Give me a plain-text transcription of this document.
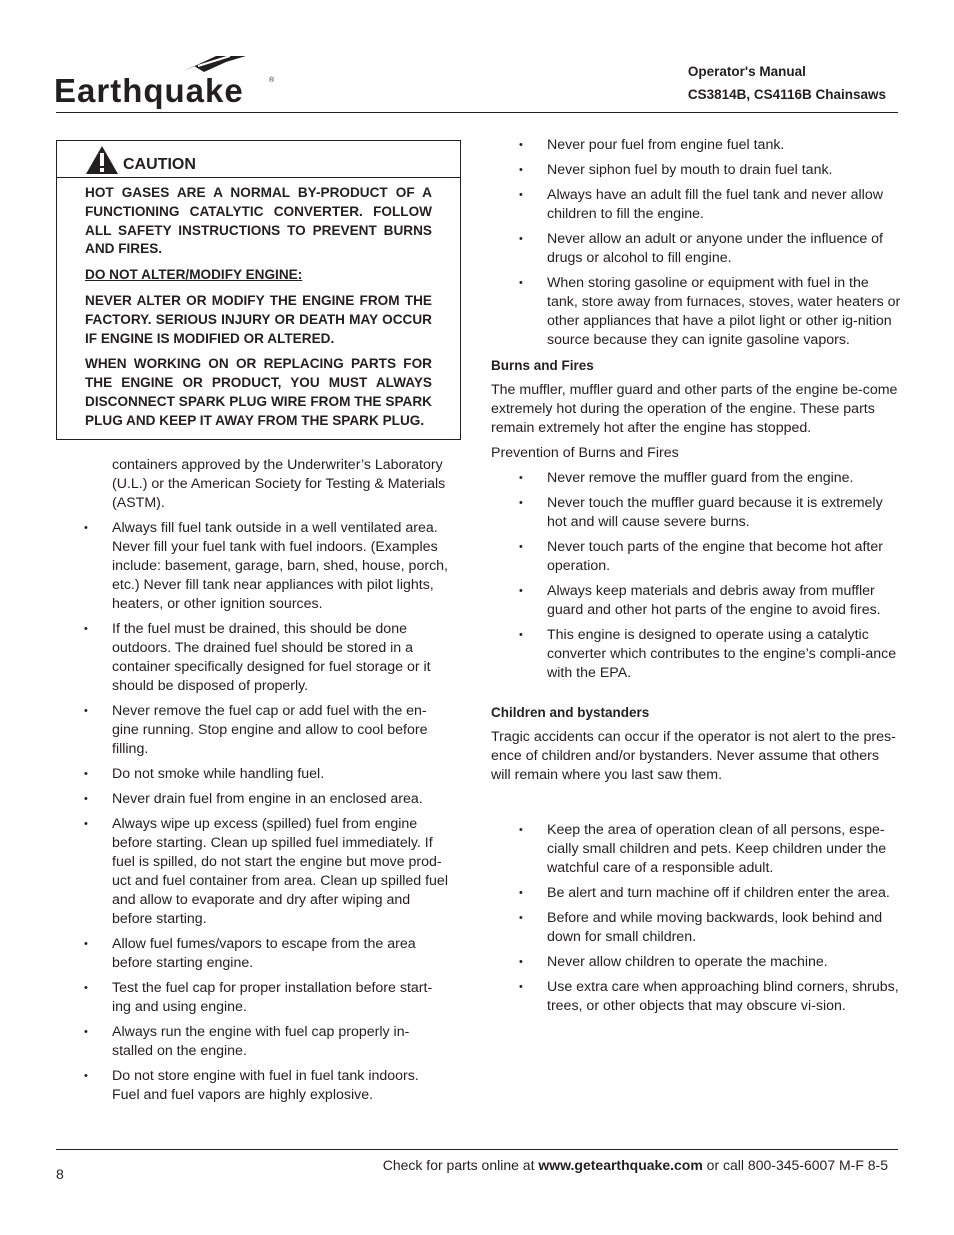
Earthquake	®
Operator's Manual
CS3814B, CS4116B Chainsaws
CAUTION

HOT GASES ARE A NORMAL BY-PRODUCT OF A FUNCTIONING CATALYTIC CONVERTER. FOLLOW ALL SAFETY INSTRUCTIONS TO PREVENT BURNS AND FIRES.

DO NOT ALTER/MODIFY ENGINE:

NEVER ALTER OR MODIFY THE ENGINE FROM THE FACTORY. SERIOUS INJURY OR DEATH MAY OCCUR IF ENGINE IS MODIFIED OR ALTERED.

WHEN WORKING ON OR REPLACING PARTS FOR THE ENGINE OR PRODUCT, YOU MUST ALWAYS DISCONNECT SPARK PLUG WIRE FROM THE SPARK PLUG AND KEEP IT AWAY FROM THE SPARK PLUG.

containers approved by the Underwriter’s Laboratory (U.L.) or the American Society for Testing & Materials (ASTM).
• Always fill fuel tank outside in a well ventilated area. Never fill your fuel tank with fuel indoors. (Examples include: basement, garage, barn, shed, house, porch, etc.) Never fill tank near appliances with pilot lights, heaters, or other ignition sources.
• If the fuel must be drained, this should be done outdoors. The drained fuel should be stored in a container specifically designed for fuel storage or it should be disposed of properly.
• Never remove the fuel cap or add fuel with the en-gine running. Stop engine and allow to cool before filling.
• Do not smoke while handling fuel.
• Never drain fuel from engine in an enclosed area.
• Always wipe up excess (spilled) fuel from engine before starting. Clean up spilled fuel immediately. If fuel is spilled, do not start the engine but move prod-uct and fuel container from area. Clean up spilled fuel and allow to evaporate and dry after wiping and before starting.
• Allow fuel fumes/vapors to escape from the area before starting engine.
• Test the fuel cap for proper installation before start-ing and using engine.
• Always run the engine with fuel cap properly in-stalled on the engine.
• Do not store engine with fuel in fuel tank indoors. Fuel and fuel vapors are highly explosive.
• Never pour fuel from engine fuel tank.
• Never siphon fuel by mouth to drain fuel tank.
• Always have an adult fill the fuel tank and never allow children to fill the engine.
• Never allow an adult or anyone under the influence of drugs or alcohol to fill engine.
• When storing gasoline or equipment with fuel in the tank, store away from furnaces, stoves, water heaters or other appliances that have a pilot light or other ig-nition source because they can ignite gasoline vapors.
Burns and Fires

The muffler, muffler guard and other parts of the engine be-come extremely hot during the operation of the engine. These parts remain extremely hot after the engine has stopped.

Prevention of Burns and Fires

• Never remove the muffler guard from the engine.
• Never touch the muffler guard because it is extremely hot and will cause severe burns.
• Never touch parts of the engine that become hot after operation.
• Always keep materials and debris away from muffler guard and other hot parts of the engine to avoid fires.
• This engine is designed to operate using a catalytic converter which contributes to the engine’s compli-ance with the EPA.
Children and bystanders

Tragic accidents can occur if the operator is not alert to the pres-ence of children and/or bystanders. Never assume that others will remain where you last saw them.

• Keep the area of operation clean of all persons, espe-cially small children and pets. Keep children under the watchful care of a responsible adult.
• Be alert and turn machine off if children enter the area.
• Before and while moving backwards, look behind and down for small children.
• Never allow children to operate the machine.
• Use extra care when approaching blind corners, shrubs, trees, or other objects that may obscure vi-sion.
8
Check for parts online at www.getearthquake.com or call 800-345-6007 M-F 8-5
